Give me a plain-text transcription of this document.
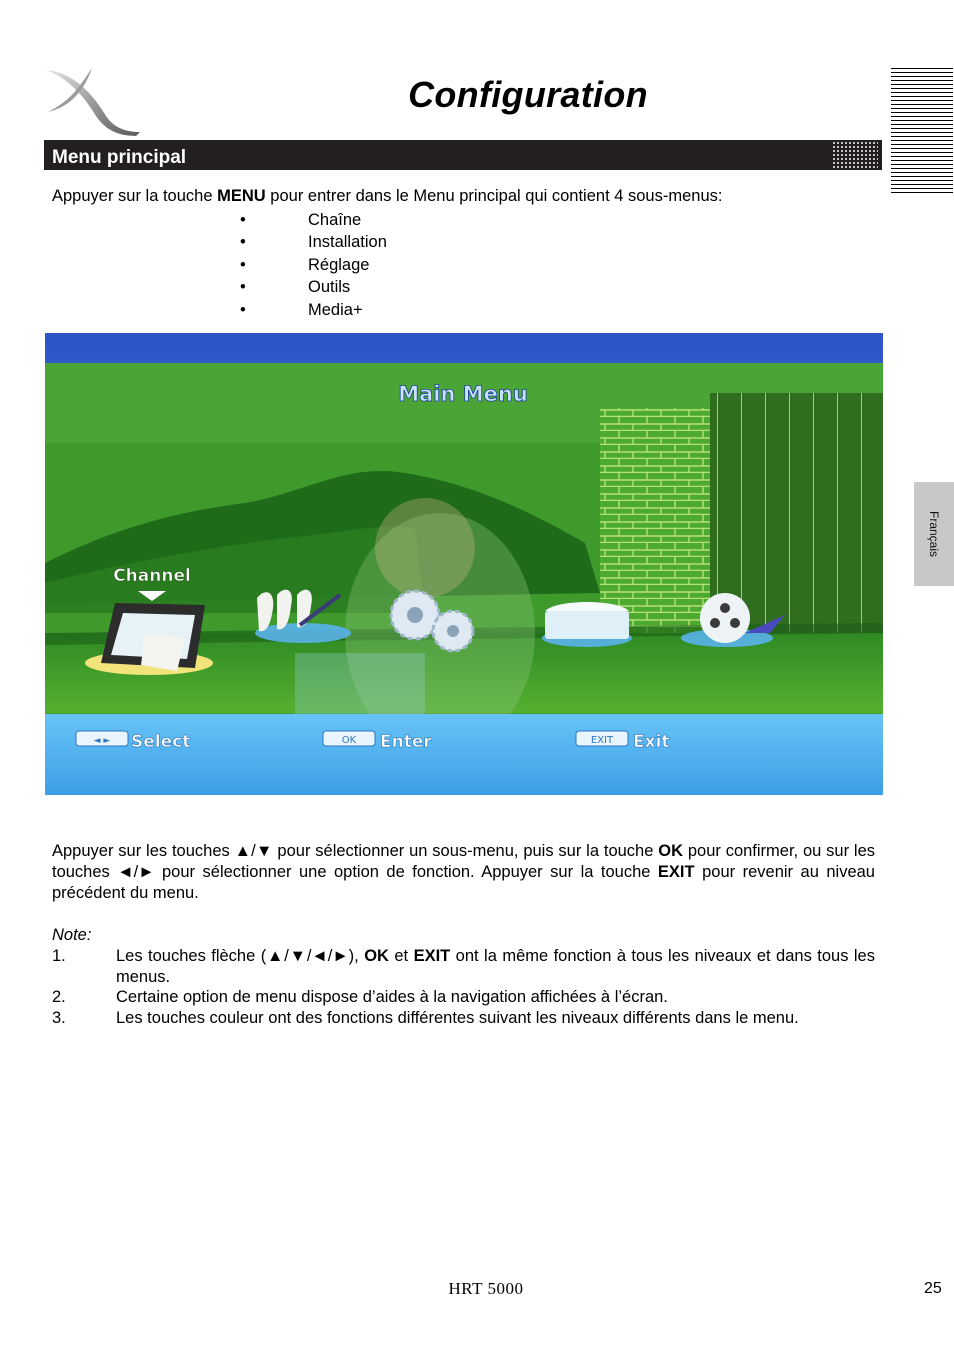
Configuration
Menu principal
Appuyer sur la touche MENU pour entrer dans le Menu principal qui contient 4 sous-menus:
•	Chaîne
•	Installation
•	Réglage
•	Outils
•	Media+
Main Menu
Channel
◄ ► Select	OK Enter	EXIT Exit
Appuyer sur les touches ▲/▼ pour sélectionner un sous-menu, puis sur la touche OK pour confirmer, ou sur les touches ◄/► pour sélectionner une option de fonction. Appuyer sur la touche EXIT pour revenir au niveau précédent du menu.
Note:
1.	Les touches flèche (▲/▼/◄/►), OK et EXIT ont la même fonction à tous les niveaux et dans tous les menus.
2.	Certaine option de menu dispose d’aides à la navigation affichées à l’écran.
3.	Les touches couleur ont des fonctions différentes suivant les niveaux différents dans le menu.
Français
HRT 5000	25
